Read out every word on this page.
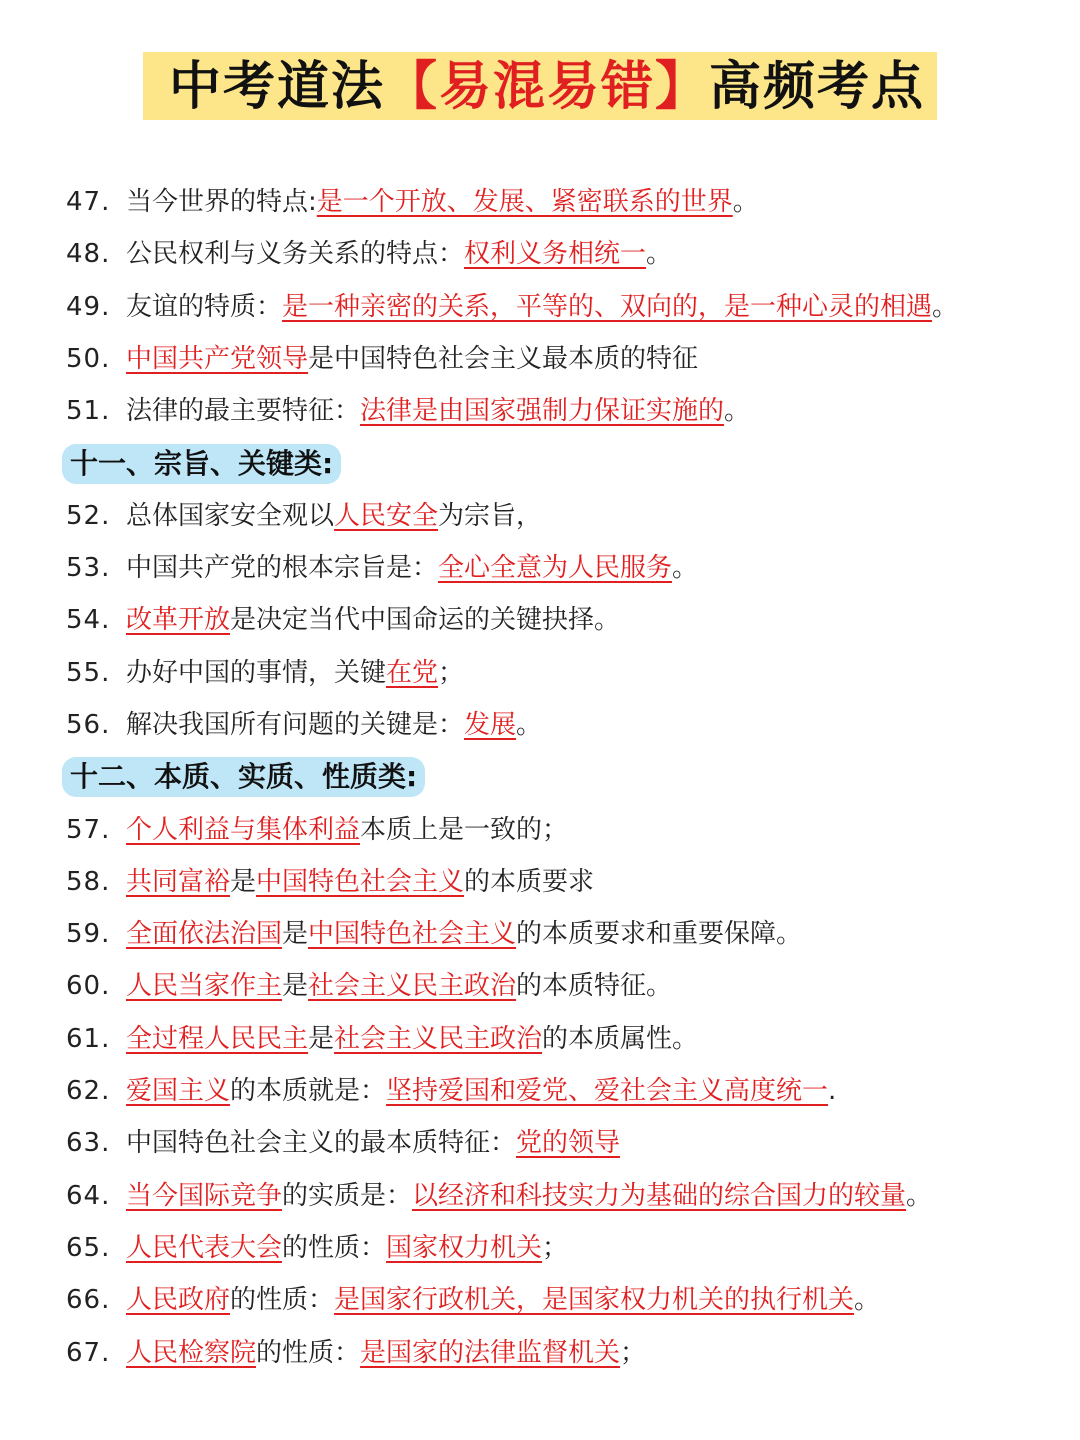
中考道法【易混易错】高频考点
47. 当今世界的特点:是一个开放、发展、紧密联系的世界。
48. 公民权利与义务关系的特点：权利义务相统一。
49. 友谊的特质：是一种亲密的关系，平等的、双向的，是一种心灵的相遇。
50. 中国共产党领导是中国特色社会主义最本质的特征
51. 法律的最主要特征：法律是由国家强制力保证实施的。
十一、宗旨、关键类:
52. 总体国家安全观以人民安全为宗旨，
53. 中国共产党的根本宗旨是：全心全意为人民服务。
54. 改革开放是决定当代中国命运的关键抉择。
55. 办好中国的事情，关键在党；
56. 解决我国所有问题的关键是：发展。
十二、本质、实质、性质类:
57. 个人利益与集体利益本质上是一致的；
58. 共同富裕是中国特色社会主义的本质要求
59. 全面依法治国是中国特色社会主义的本质要求和重要保障。
60. 人民当家作主是社会主义民主政治的本质特征。
61. 全过程人民民主是社会主义民主政治的本质属性。
62. 爱国主义的本质就是：坚持爱国和爱党、爱社会主义高度统一.
63. 中国特色社会主义的最本质特征：党的领导
64. 当今国际竞争的实质是：以经济和科技实力为基础的综合国力的较量。
65. 人民代表大会的性质：国家权力机关；
66. 人民政府的性质：是国家行政机关，是国家权力机关的执行机关。
67. 人民检察院的性质：是国家的法律监督机关；
